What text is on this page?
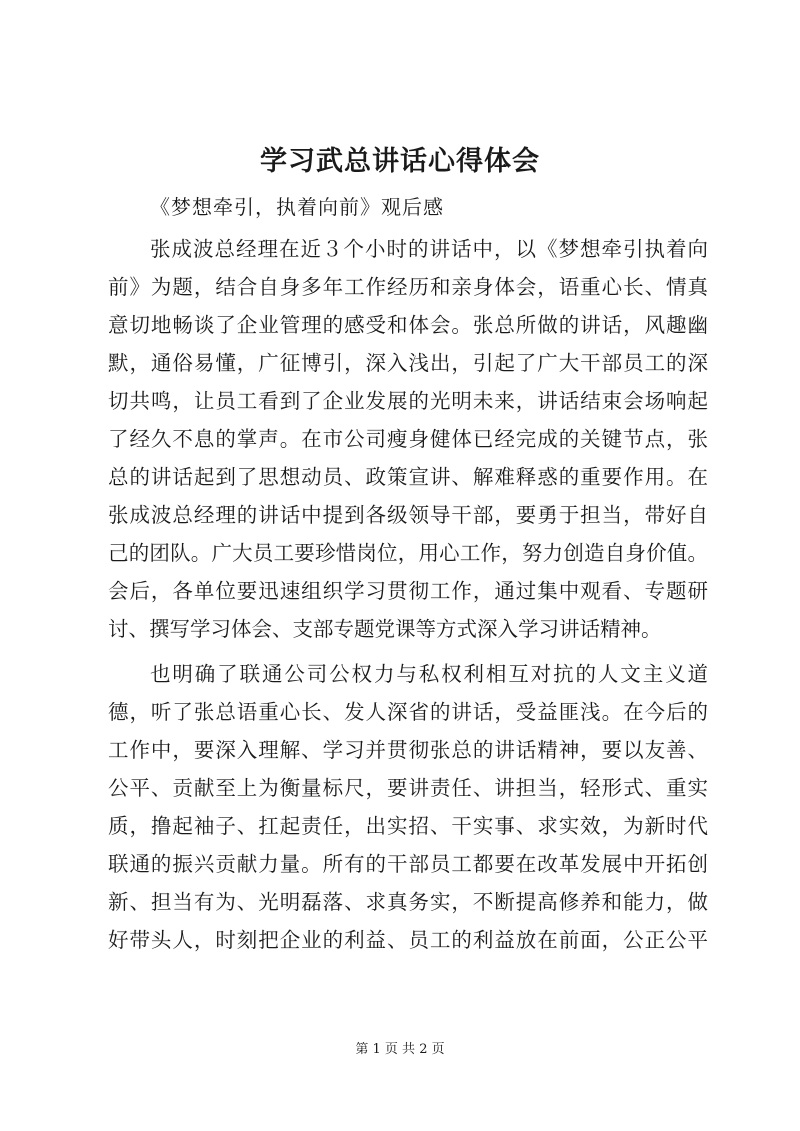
学习武总讲话心得体会
《梦想牵引，执着向前》观后感
张成波总经理在近３个小时的讲话中，以《梦想牵引执着向
前》为题，结合自身多年工作经历和亲身体会，语重心长、情真
意切地畅谈了企业管理的感受和体会。张总所做的讲话，风趣幽
默，通俗易懂，广征博引，深入浅出，引起了广大干部员工的深
切共鸣，让员工看到了企业发展的光明未来，讲话结束会场响起
了经久不息的掌声。在市公司瘦身健体已经完成的关键节点，张
总的讲话起到了思想动员、政策宣讲、解难释惑的重要作用。在
张成波总经理的讲话中提到各级领导干部，要勇于担当，带好自
己的团队。广大员工要珍惜岗位，用心工作，努力创造自身价值。
会后，各单位要迅速组织学习贯彻工作，通过集中观看、专题研
讨、撰写学习体会、支部专题党课等方式深入学习讲话精神。
也明确了联通公司公权力与私权利相互对抗的人文主义道
德，听了张总语重心长、发人深省的讲话，受益匪浅。在今后的
工作中，要深入理解、学习并贯彻张总的讲话精神，要以友善、
公平、贡献至上为衡量标尺，要讲责任、讲担当，轻形式、重实
质，撸起袖子、扛起责任，出实招、干实事、求实效，为新时代
联通的振兴贡献力量。所有的干部员工都要在改革发展中开拓创
新、担当有为、光明磊落、求真务实，不断提高修养和能力，做
好带头人，时刻把企业的利益、员工的利益放在前面，公正公平
第 1 页 共 2 页
